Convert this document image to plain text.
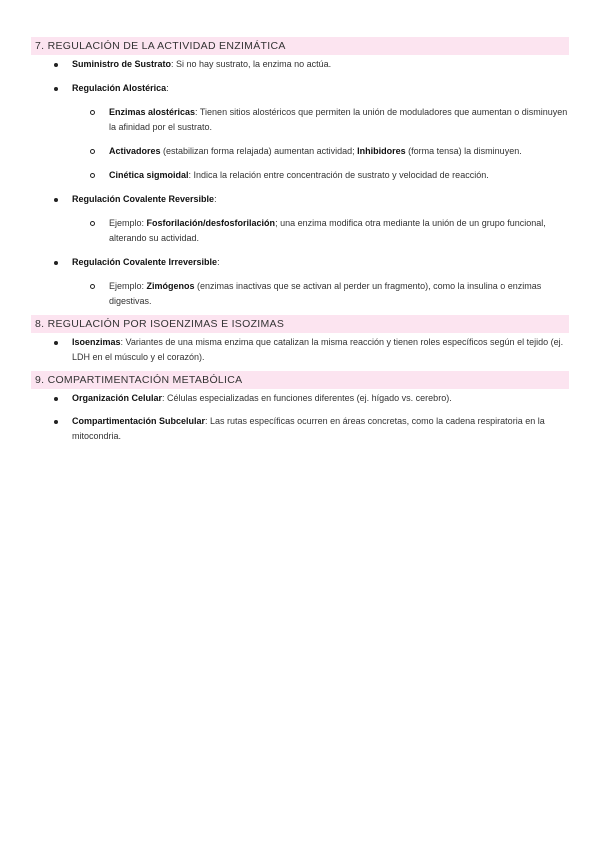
7. REGULACIÓN DE LA ACTIVIDAD ENZIMÁTICA
Suministro de Sustrato: Si no hay sustrato, la enzima no actúa.
Regulación Alostérica:
Enzimas alostéricas: Tienen sitios alostéricos que permiten la unión de moduladores que aumentan o disminuyen la afinidad por el sustrato.
Activadores (estabilizan forma relajada) aumentan actividad; Inhibidores (forma tensa) la disminuyen.
Cinética sigmoidal: Indica la relación entre concentración de sustrato y velocidad de reacción.
Regulación Covalente Reversible:
Ejemplo: Fosforilación/desfosforilación; una enzima modifica otra mediante la unión de un grupo funcional, alterando su actividad.
Regulación Covalente Irreversible:
Ejemplo: Zimógenos (enzimas inactivas que se activan al perder un fragmento), como la insulina o enzimas digestivas.
8. REGULACIÓN POR ISOENZIMAS E ISOZIMAS
Isoenzimas: Variantes de una misma enzima que catalizan la misma reacción y tienen roles específicos según el tejido (ej. LDH en el músculo y el corazón).
9. COMPARTIMENTACIÓN METABÓLICA
Organización Celular: Células especializadas en funciones diferentes (ej. hígado vs. cerebro).
Compartimentación Subcelular: Las rutas específicas ocurren en áreas concretas, como la cadena respiratoria en la mitocondria.
